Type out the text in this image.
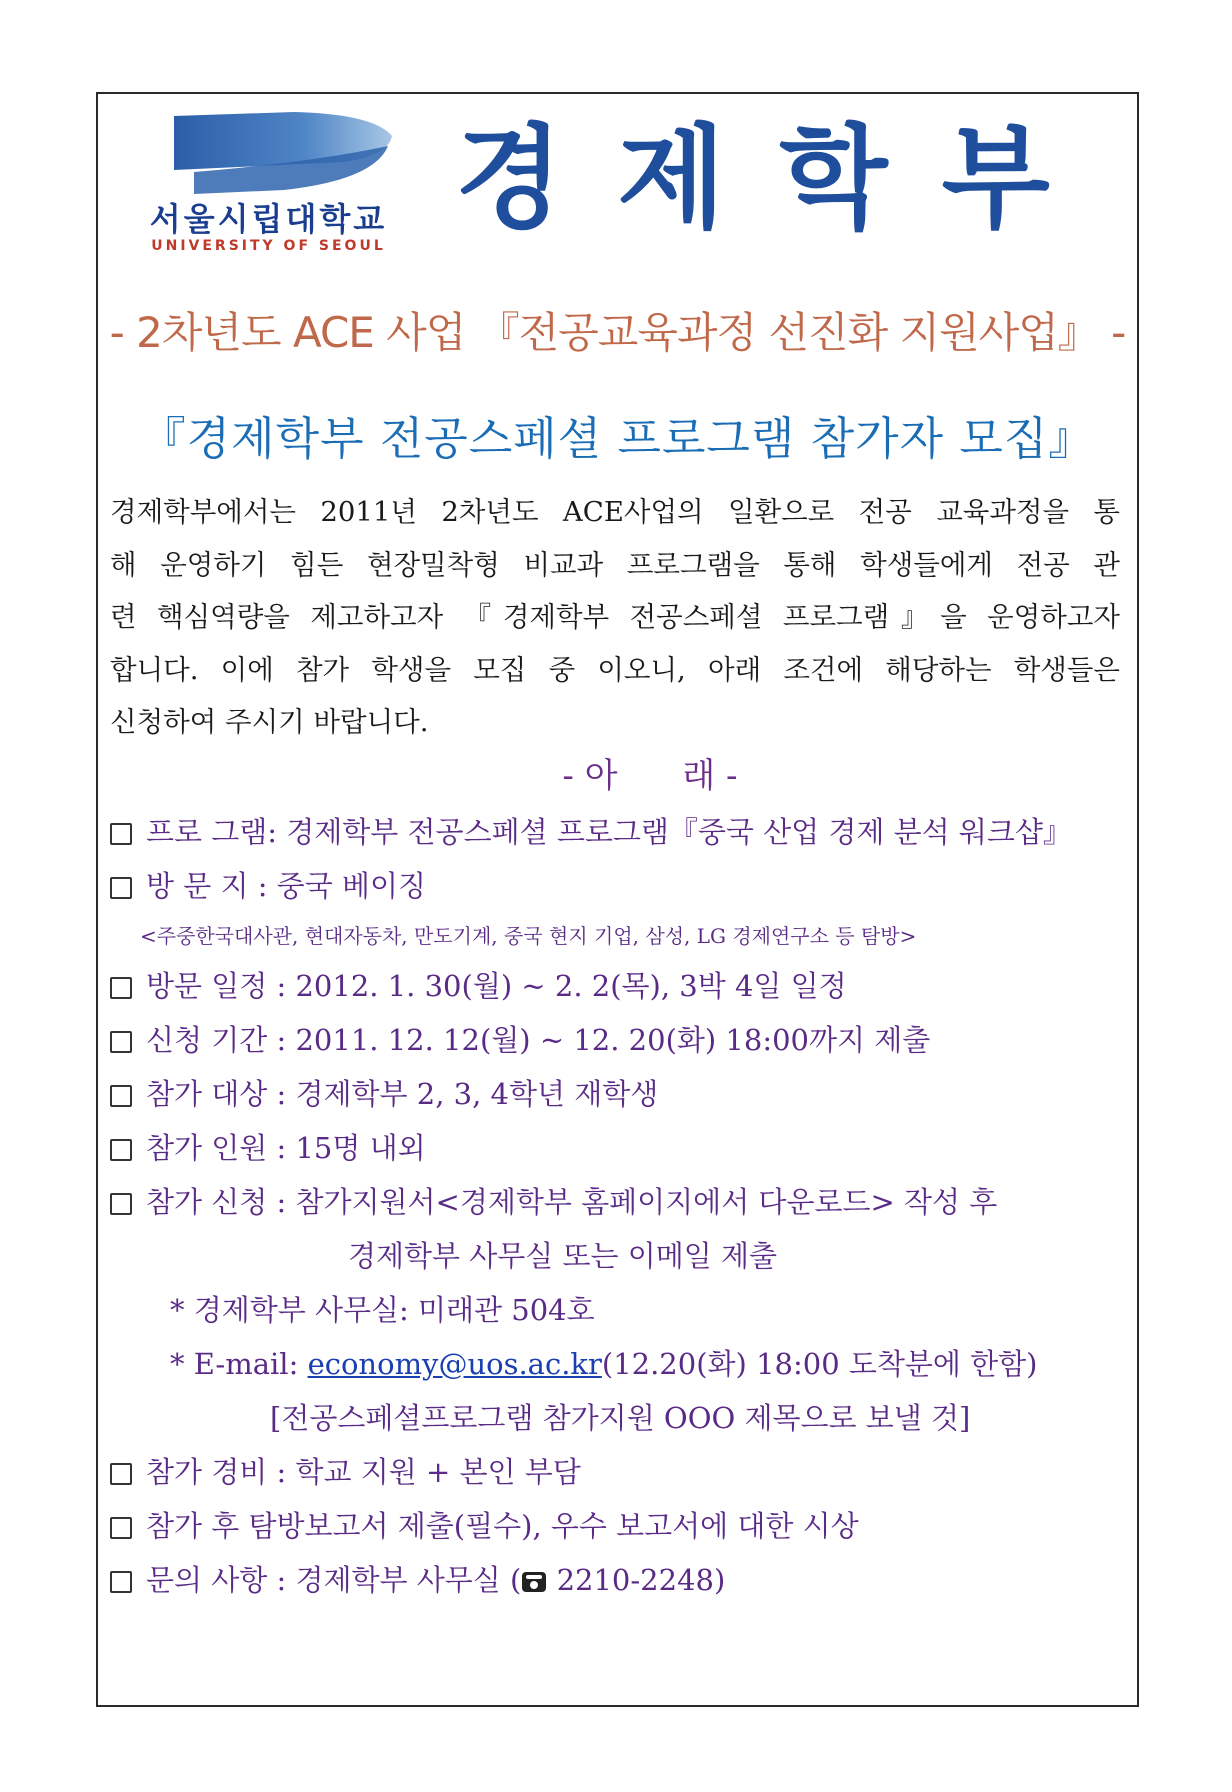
서울시립대학교
UNIVERSITY OF SEOUL
경제학부
- 2차년도 ACE 사업 『전공교육과정 선진화 지원사업』 -
『경제학부 전공스페셜 프로그램 참가자 모집』
경제학부에서는 2011년 2차년도 ACE사업의 일환으로 전공 교육과정을 통
해 운영하기 힘든 현장밀착형 비교과 프로그램을 통해 학생들에게 전공 관
련 핵심역량을 제고하고자 『경제학부 전공스페셜 프로그램』을 운영하고자
합니다. 이에 참가 학생을 모집 중 이오니, 아래 조건에 해당하는 학생들은
신청하여 주시기 바랍니다.
- 아      래 -
프로 그램: 경제학부 전공스페셜 프로그램『중국 산업 경제 분석 워크샵』
방 문 지 : 중국 베이징
<주중한국대사관, 현대자동차, 만도기계, 중국 현지 기업, 삼성, LG 경제연구소 등 탐방>
방문 일정 : 2012. 1. 30(월) ~ 2. 2(목), 3박 4일 일정
신청 기간 : 2011. 12. 12(월) ~ 12. 20(화) 18:00까지 제출
참가 대상 : 경제학부 2, 3, 4학년 재학생
참가 인원 : 15명 내외
참가 신청 : 참가지원서<경제학부 홈페이지에서 다운로드> 작성 후
경제학부 사무실 또는 이메일 제출
* 경제학부 사무실: 미래관 504호
* E-mail: economy@uos.ac.kr(12.20(화) 18:00 도착분에 한함)
[전공스페셜프로그램 참가지원 OOO 제목으로 보낼 것]
참가 경비 : 학교 지원 + 본인 부담
참가 후 탐방보고서 제출(필수), 우수 보고서에 대한 시상
문의 사항 : 경제학부 사무실 ( 2210-2248)
